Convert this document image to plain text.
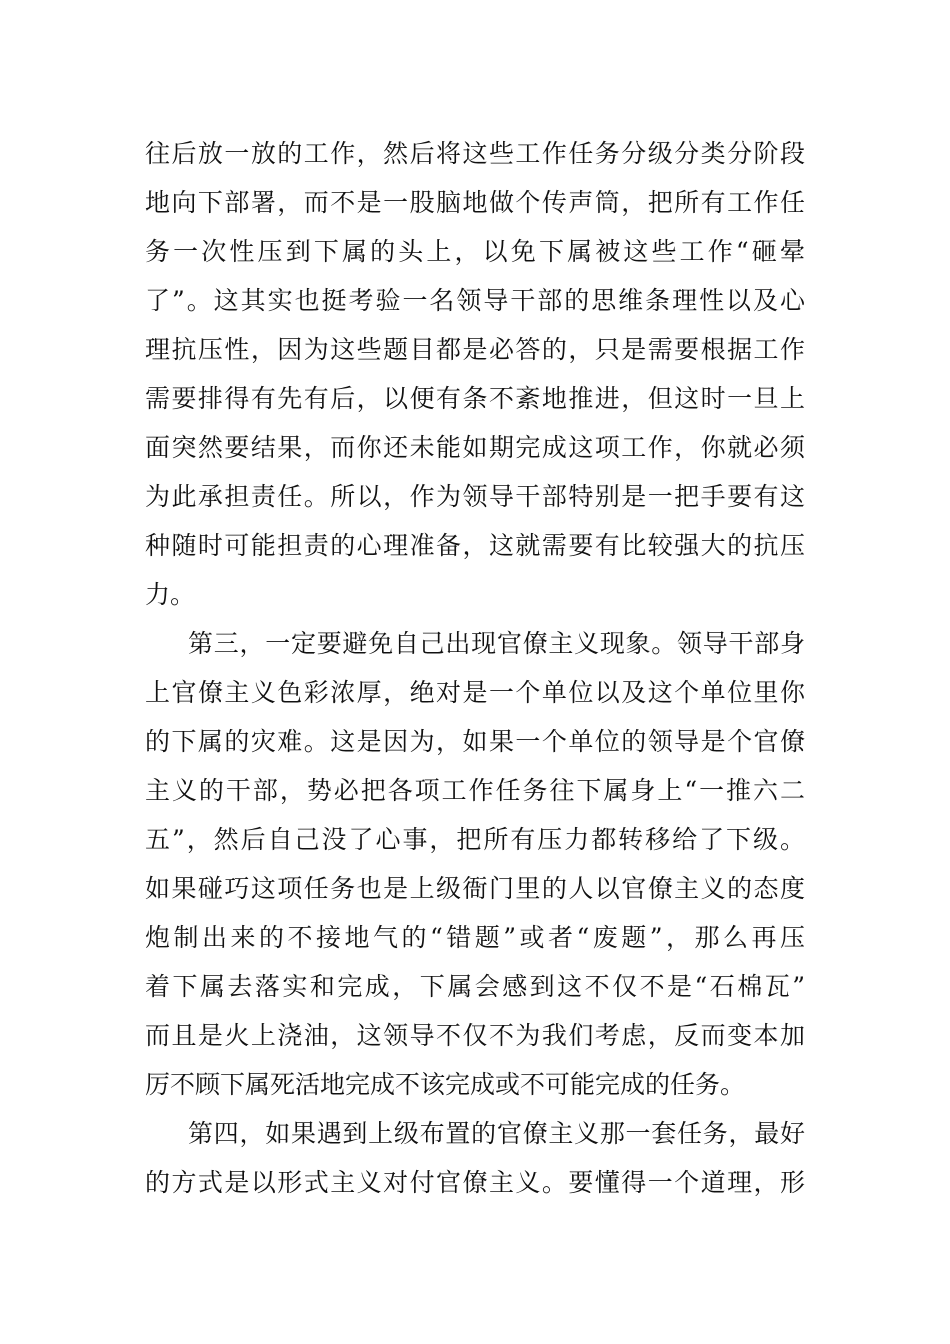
往后放一放的工作，然后将这些工作任务分级分类分阶段
地向下部署，而不是一股脑地做个传声筒，把所有工作任
务一次性压到下属的头上，以免下属被这些工作“砸晕
了”。这其实也挺考验一名领导干部的思维条理性以及心
理抗压性，因为这些题目都是必答的，只是需要根据工作
需要排得有先有后，以便有条不紊地推进，但这时一旦上
面突然要结果，而你还未能如期完成这项工作，你就必须
为此承担责任。所以，作为领导干部特别是一把手要有这
种随时可能担责的心理准备，这就需要有比较强大的抗压
力。
第三，一定要避免自己出现官僚主义现象。领导干部身
上官僚主义色彩浓厚，绝对是一个单位以及这个单位里你
的下属的灾难。这是因为，如果一个单位的领导是个官僚
主义的干部，势必把各项工作任务往下属身上“一推六二
五”，然后自己没了心事，把所有压力都转移给了下级。
如果碰巧这项任务也是上级衙门里的人以官僚主义的态度
炮制出来的不接地气的“错题”或者“废题”，那么再压
着下属去落实和完成，下属会感到这不仅不是“石棉瓦”
而且是火上浇油，这领导不仅不为我们考虑，反而变本加
厉不顾下属死活地完成不该完成或不可能完成的任务。
第四，如果遇到上级布置的官僚主义那一套任务，最好
的方式是以形式主义对付官僚主义。要懂得一个道理，形
